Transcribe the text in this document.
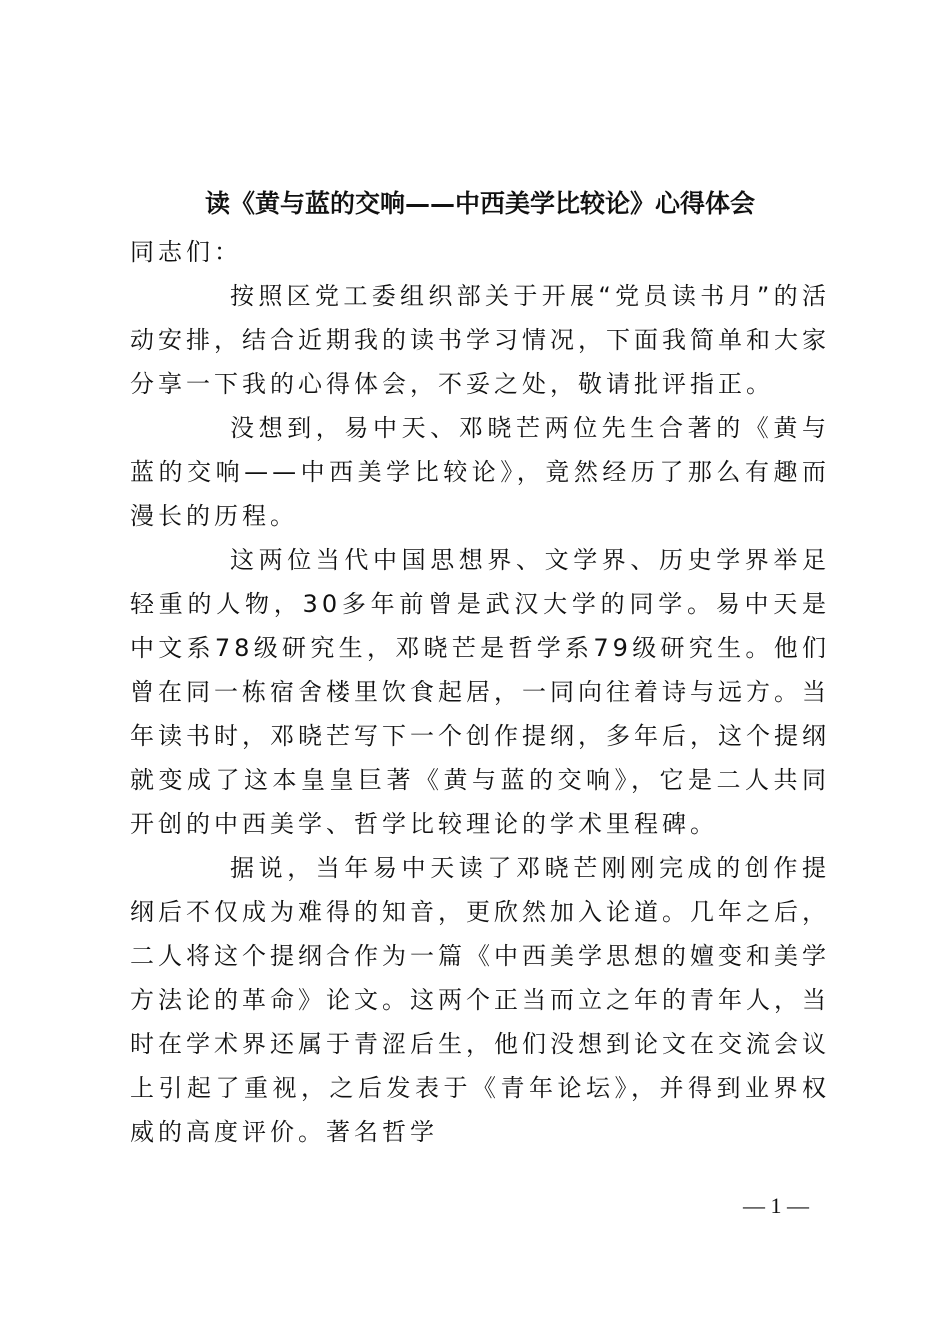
读《黄与蓝的交响——中西美学比较论》心得体会

同志们：

按照区党工委组织部关于开展“党员读书月”的活动安排，结合近期我的读书学习情况，下面我简单和大家分享一下我的心得体会，不妥之处，敬请批评指正。

没想到，易中天、邓晓芒两位先生合著的《黄与蓝的交响——中西美学比较论》，竟然经历了那么有趣而漫长的历程。

这两位当代中国思想界、文学界、历史学界举足轻重的人物，30多年前曾是武汉大学的同学。易中天是中文系78级研究生，邓晓芒是哲学系79级研究生。他们曾在同一栋宿舍楼里饮食起居，一同向往着诗与远方。当年读书时，邓晓芒写下一个创作提纲，多年后，这个提纲就变成了这本皇皇巨著《黄与蓝的交响》，它是二人共同开创的中西美学、哲学比较理论的学术里程碑。

据说，当年易中天读了邓晓芒刚刚完成的创作提纲后不仅成为难得的知音，更欣然加入论道。几年之后，二人将这个提纲合作为一篇《中西美学思想的嬗变和美学方法论的革命》论文。这两个正当而立之年的青年人，当时在学术界还属于青涩后生，他们没想到论文在交流会议上引起了重视，之后发表于《青年论坛》，并得到业界权威的高度评价。著名哲学

— 1 —
